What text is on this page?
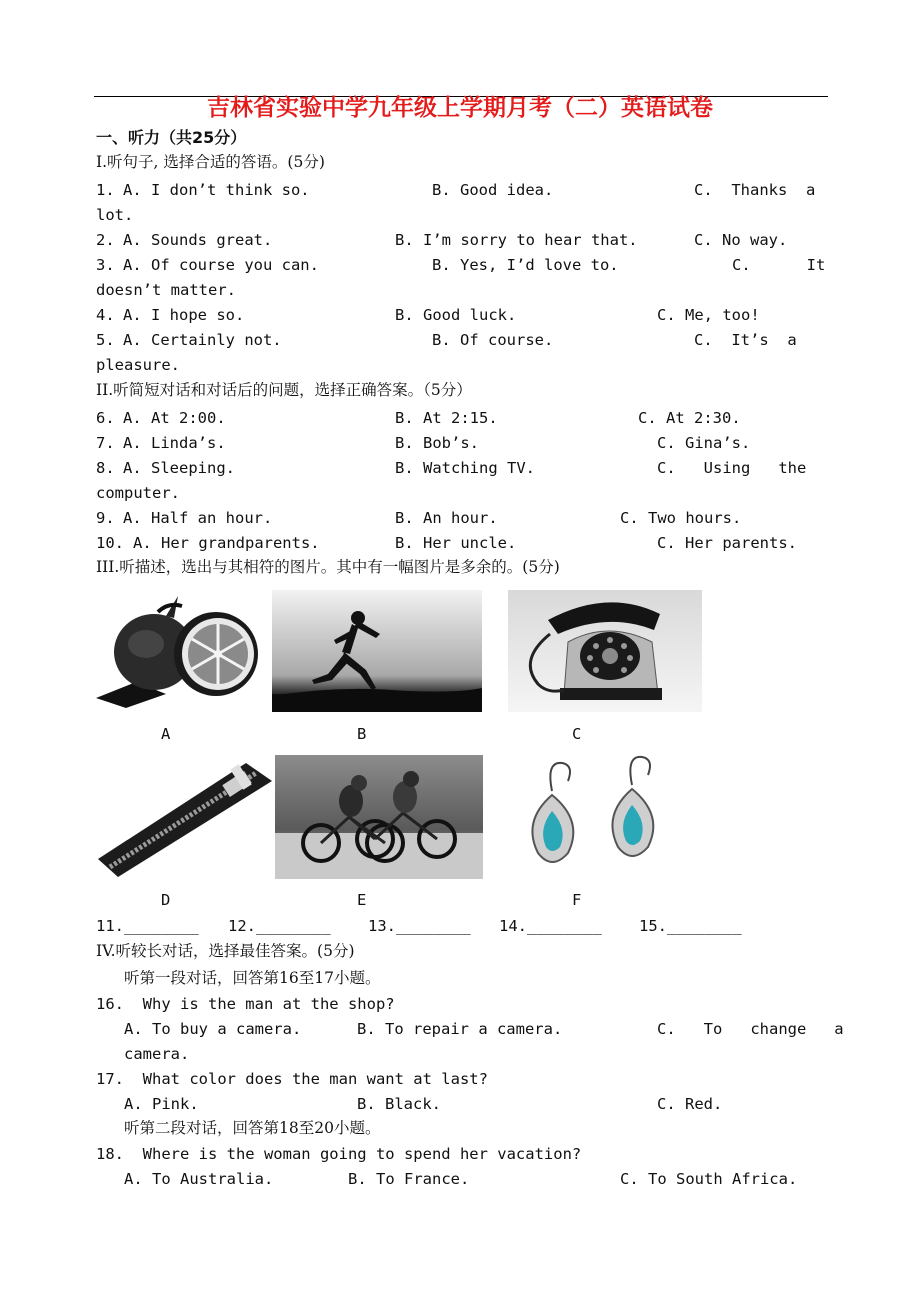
吉林省实验中学九年级上学期月考（二）英语试卷
一、听力（共25分）
I.听句子, 选择合适的答语。(5分)
1. A. I don’t think so.	B. Good idea.	C.  Thanks  a
lot.
2. A. Sounds great.	B. I’m sorry to hear that.	C. No way.
3. A. Of course you can.	B. Yes, I’d love to.	C.      It
doesn’t matter.
4. A. I hope so.	B. Good luck.	C. Me, too!
5. A. Certainly not.	B. Of course.	C.  It’s  a
pleasure.
II.听简短对话和对话后的问题，选择正确答案。（5分）
6. A. At 2:00.	B. At 2:15.	C. At 2:30.
7. A. Linda’s.	B. Bob’s.	C. Gina’s.
8. A. Sleeping.	B. Watching TV.	C.   Using   the
computer.
9. A. Half an hour.	B. An hour.	C. Two hours.
10. A. Her grandparents.	B. Her uncle.	C. Her parents.
III.听描述，选出与其相符的图片。其中有一幅图片是多余的。(5分)
A	B	C
D	E	F
11.________ 12.________ 13.________ 14.________ 15.________
IV.听较长对话，选择最佳答案。(5分)
听第一段对话，回答第16至17小题。
16.  Why is the man at the shop?
A. To buy a camera.	B. To repair a camera.	C.   To   change   a
camera.
17.  What color does the man want at last?
A. Pink.	B. Black.	C. Red.
听第二段对话，回答第18至20小题。
18.  Where is the woman going to spend her vacation?
A. To Australia.	B. To France.	C. To South Africa.
